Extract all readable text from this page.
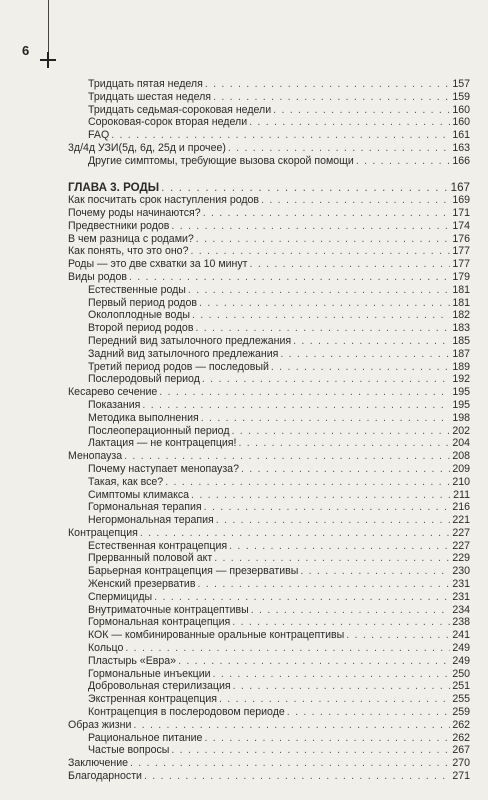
6
Тридцать пятая неделя . . .	157
Тридцать шестая неделя . . .	159
Тридцать седьмая-сороковая недели . . .	160
Сороковая-сорок вторая недели . . .	160
FAQ . . .	161
3д/4д УЗИ(5д, 6д, 25д и прочее) . . .	163
Другие симптомы, требующие вызова скорой помощи . . .	166
ГЛАВА 3. РОДЫ . . .	167
Как посчитать срок наступления родов . . .	169
Почему роды начинаются? . . .	171
Предвестники родов . . .	174
В чем разница с родами? . . .	176
Как понять, что это оно? . . .	177
Роды — это две схватки за 10 минут . . .	177
Виды родов . . .	179
Естественные роды . . .	181
Первый период родов . . .	181
Околоплодные воды . . .	182
Второй период родов . . .	183
Передний вид затылочного предлежания . . .	185
Задний вид затылочного предлежания . . .	187
Третий период родов — последовый . . .	189
Послеродовый период . . .	192
Кесарево сечение . . .	195
Показания . . .	195
Методика выполнения . . .	198
Послеоперационный период . . .	202
Лактация — не контрацепция! . . .	204
Менопауза . . .	208
Почему наступает менопауза? . . .	209
Такая, как все? . . .	210
Симптомы климакса . . .	211
Гормональная терапия . . .	216
Негормональная терапия . . .	221
Контрацепция . . .	227
Естественная контрацепция . . .	227
Прерванный половой акт . . .	229
Барьерная контрацепция — презервативы . . .	230
Женский презерватив . . .	231
Спермициды . . .	231
Внутриматочные контрацептивы . . .	234
Гормональная контрацепция . . .	238
КОК — комбинированные оральные контрацептивы . . .	241
Кольцо . . .	249
Пластырь «Евра» . . .	249
Гормональные инъекции . . .	250
Добровольная стерилизация . . .	251
Экстренная контрацепция . . .	255
Контрацепция в послеродовом периоде . . .	259
Образ жизни . . .	262
Рациональное питание . . .	262
Частые вопросы . . .	267
Заключение . . .	270
Благодарности . . .	271
